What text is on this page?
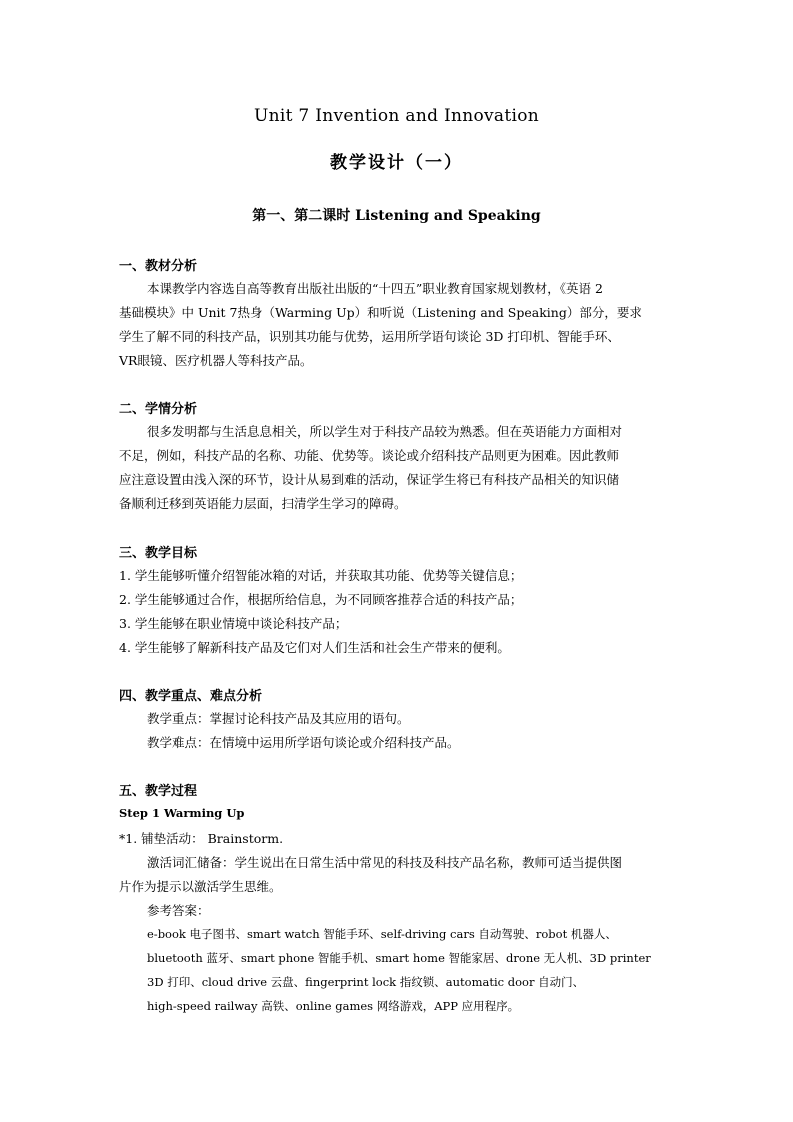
Unit 7 Invention and Innovation
教学设计（一）
第一、第二课时 Listening and Speaking
一、教材分析
本课教学内容选自高等教育出版社出版的“十四五”职业教育国家规划教材，《英语 2
基础模块》中 Unit 7热身（Warming Up）和听说（Listening and Speaking）部分，要求
学生了解不同的科技产品，识别其功能与优势，运用所学语句谈论 3D 打印机、智能手环、
VR眼镜、医疗机器人等科技产品。
二、学情分析
很多发明都与生活息息相关，所以学生对于科技产品较为熟悉。但在英语能力方面相对
不足，例如，科技产品的名称、功能、优势等。谈论或介绍科技产品则更为困难。因此教师
应注意设置由浅入深的环节，设计从易到难的活动，保证学生将已有科技产品相关的知识储
备顺利迁移到英语能力层面，扫清学生学习的障碍。
三、教学目标
1. 学生能够听懂介绍智能冰箱的对话，并获取其功能、优势等关键信息；
2. 学生能够通过合作，根据所给信息，为不同顾客推荐合适的科技产品；
3. 学生能够在职业情境中谈论科技产品；
4. 学生能够了解新科技产品及它们对人们生活和社会生产带来的便利。
四、教学重点、难点分析
教学重点：掌握讨论科技产品及其应用的语句。
教学难点：在情境中运用所学语句谈论或介绍科技产品。
五、教学过程
Step 1 Warming Up
*1. 铺垫活动： Brainstorm.
激活词汇储备：学生说出在日常生活中常见的科技及科技产品名称，教师可适当提供图
片作为提示以激活学生思维。
参考答案：
e-book 电子图书、smart watch 智能手环、self-driving cars 自动驾驶、robot 机器人、
bluetooth 蓝牙、smart phone 智能手机、smart home 智能家居、drone 无人机、3D printer
3D 打印、cloud drive 云盘、fingerprint lock 指纹锁、automatic door 自动门、
high-speed railway 高铁、online games 网络游戏，APP 应用程序。
